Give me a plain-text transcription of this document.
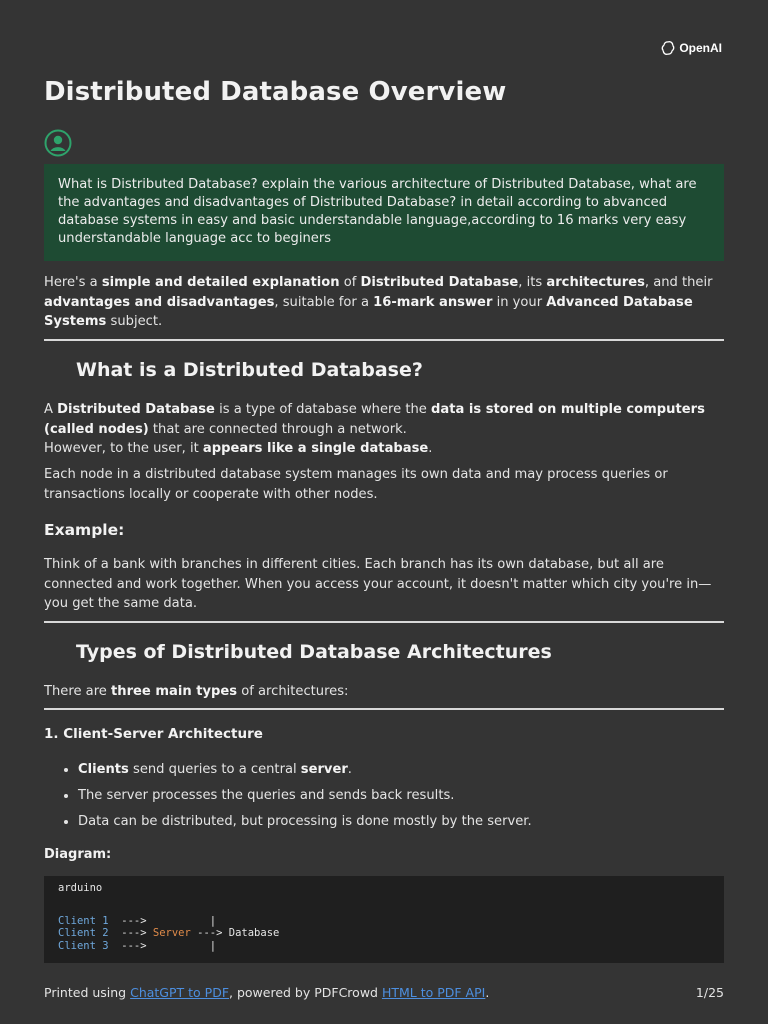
OpenAI
Distributed Database Overview
What is Distributed Database? explain the various architecture of Distributed Database, what are the advantages and disadvantages of Distributed Database? in detail according to abvanced database systems in easy and basic understandable language,according to 16 marks very easy understandable language acc to beginers
Here's a simple and detailed explanation of Distributed Database, its architectures, and their advantages and disadvantages, suitable for a 16-mark answer in your Advanced Database Systems subject.
What is a Distributed Database?
A Distributed Database is a type of database where the data is stored on multiple computers (called nodes) that are connected through a network.
However, to the user, it appears like a single database.
Each node in a distributed database system manages its own data and may process queries or transactions locally or cooperate with other nodes.
Example:
Think of a bank with branches in different cities. Each branch has its own database, but all are connected and work together. When you access your account, it doesn't matter which city you're in—you get the same data.
Types of Distributed Database Architectures
There are three main types of architectures:
1. Client-Server Architecture
• Clients send queries to a central server.
• The server processes the queries and sends back results.
• Data can be distributed, but processing is done mostly by the server.
Diagram:
arduino
Client 1 --->	|
Client 2 ---> Server ---> Database
Client 3 --->	|
Printed using ChatGPT to PDF, powered by PDFCrowd HTML to PDF API.	1/25
